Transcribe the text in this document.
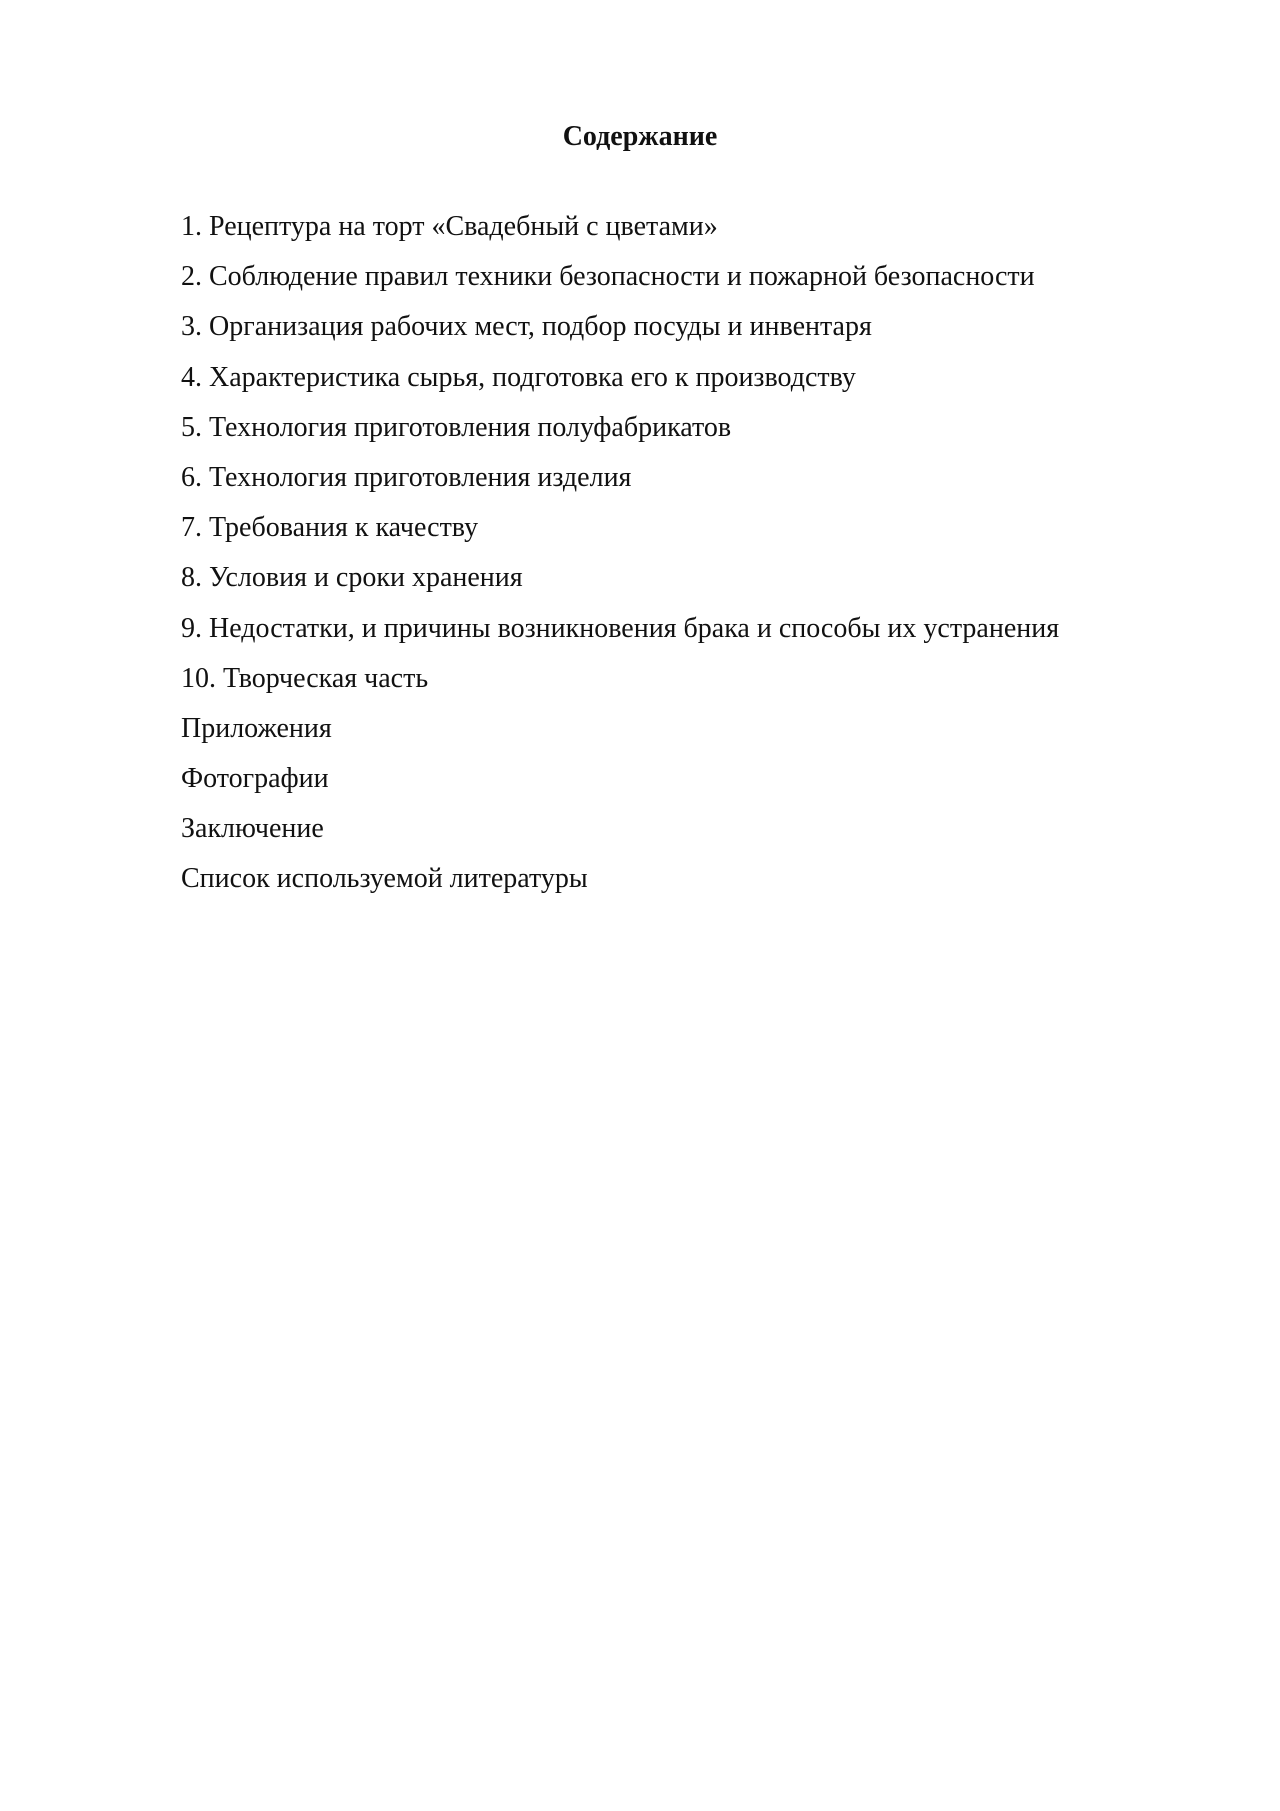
Содержание
1. Рецептура на торт «Свадебный с цветами»
2. Соблюдение правил техники безопасности и пожарной безопасности
3. Организация рабочих мест, подбор посуды и инвентаря
4. Характеристика сырья, подготовка его к производству
5. Технология приготовления полуфабрикатов
6. Технология приготовления изделия
7. Требования к качеству
8. Условия и сроки хранения
9. Недостатки, и причины возникновения брака и способы их устранения
10. Творческая часть
Приложения
Фотографии
Заключение
Список используемой литературы
